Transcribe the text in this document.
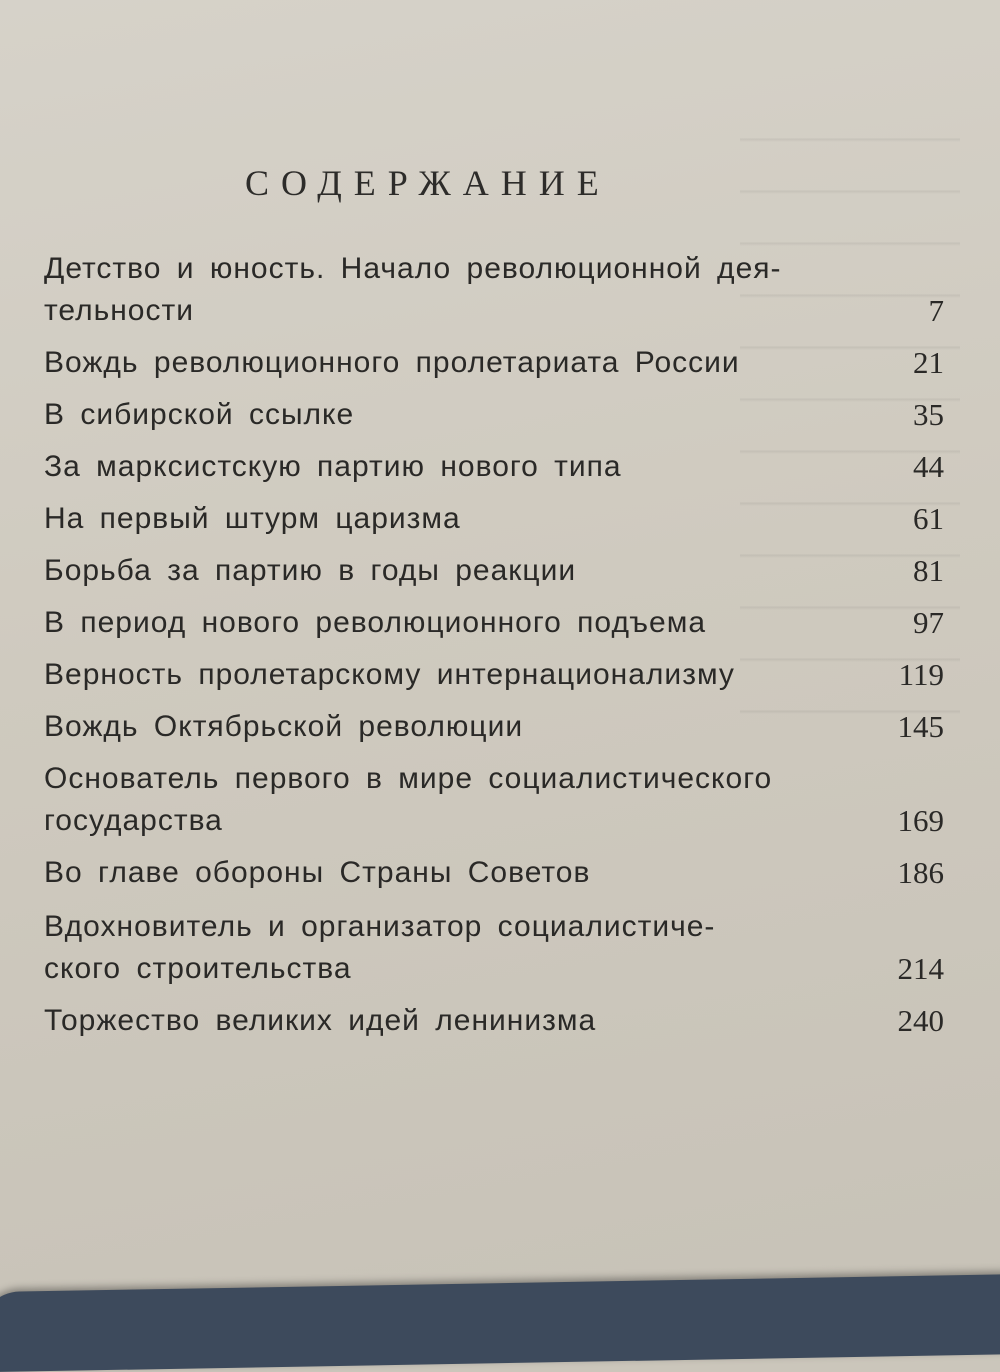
СОДЕРЖАНИЕ
Детство и юность. Начало революционной дея-
тельности	7
Вождь революционного пролетариата России	21
В сибирской ссылке	35
За марксистскую партию нового типа	44
На первый штурм царизма	61
Борьба за партию в годы реакции	81
В период нового революционного подъема	97
Верность пролетарскому интернационализму	119
Вождь Октябрьской революции	145
Основатель первого в мире социалистического
государства	169
Во главе обороны Страны Советов	186
Вдохновитель и организатор социалистиче-
ского строительства	214
Торжество великих идей ленинизма	240
